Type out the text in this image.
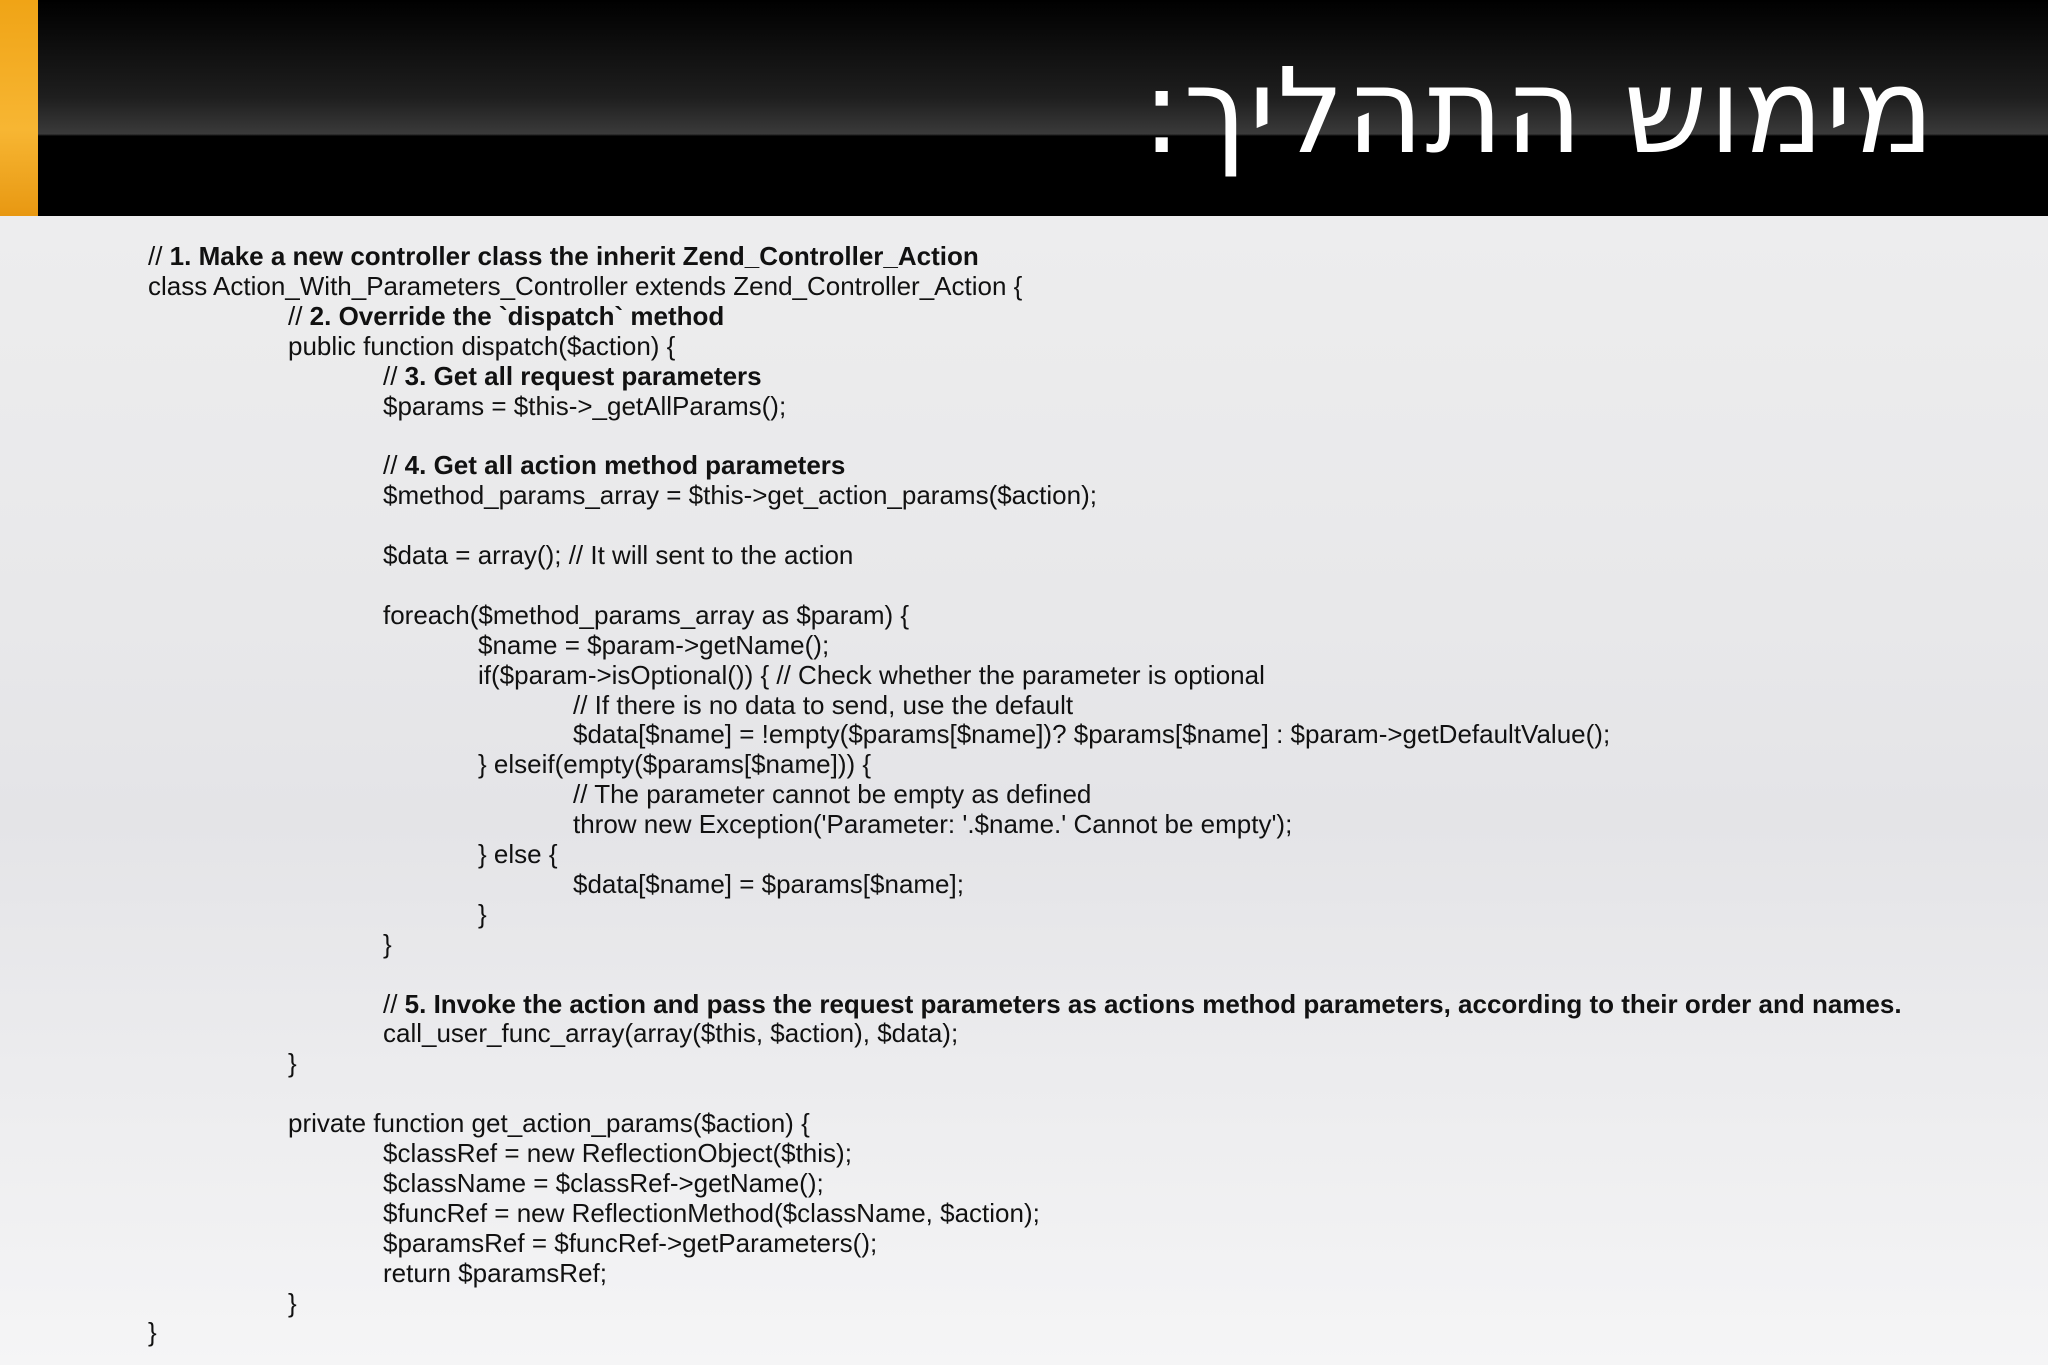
מימוש התהליך:
// 1. Make a new controller class the inherit Zend_Controller_Action
class Action_With_Parameters_Controller extends Zend_Controller_Action {
// 2. Override the `dispatch` method
public function dispatch($action) {
// 3. Get all request parameters
$params = $this->_getAllParams();
// 4. Get all action method parameters
$method_params_array = $this->get_action_params($action);
$data = array(); // It will sent to the action
foreach($method_params_array as $param) {
$name = $param->getName();
if($param->isOptional()) { // Check whether the parameter is optional
// If there is no data to send, use the default
$data[$name] = !empty($params[$name])? $params[$name] : $param->getDefaultValue();
} elseif(empty($params[$name])) {
// The parameter cannot be empty as defined
throw new Exception('Parameter: '.$name.' Cannot be empty');
} else {
$data[$name] = $params[$name];
}
}
// 5. Invoke the action and pass the request parameters as actions method parameters, according to their order and names.
call_user_func_array(array($this, $action), $data);
}
private function get_action_params($action) {
$classRef = new ReflectionObject($this);
$className = $classRef->getName();
$funcRef = new ReflectionMethod($className, $action);
$paramsRef = $funcRef->getParameters();
return $paramsRef;
}
}
